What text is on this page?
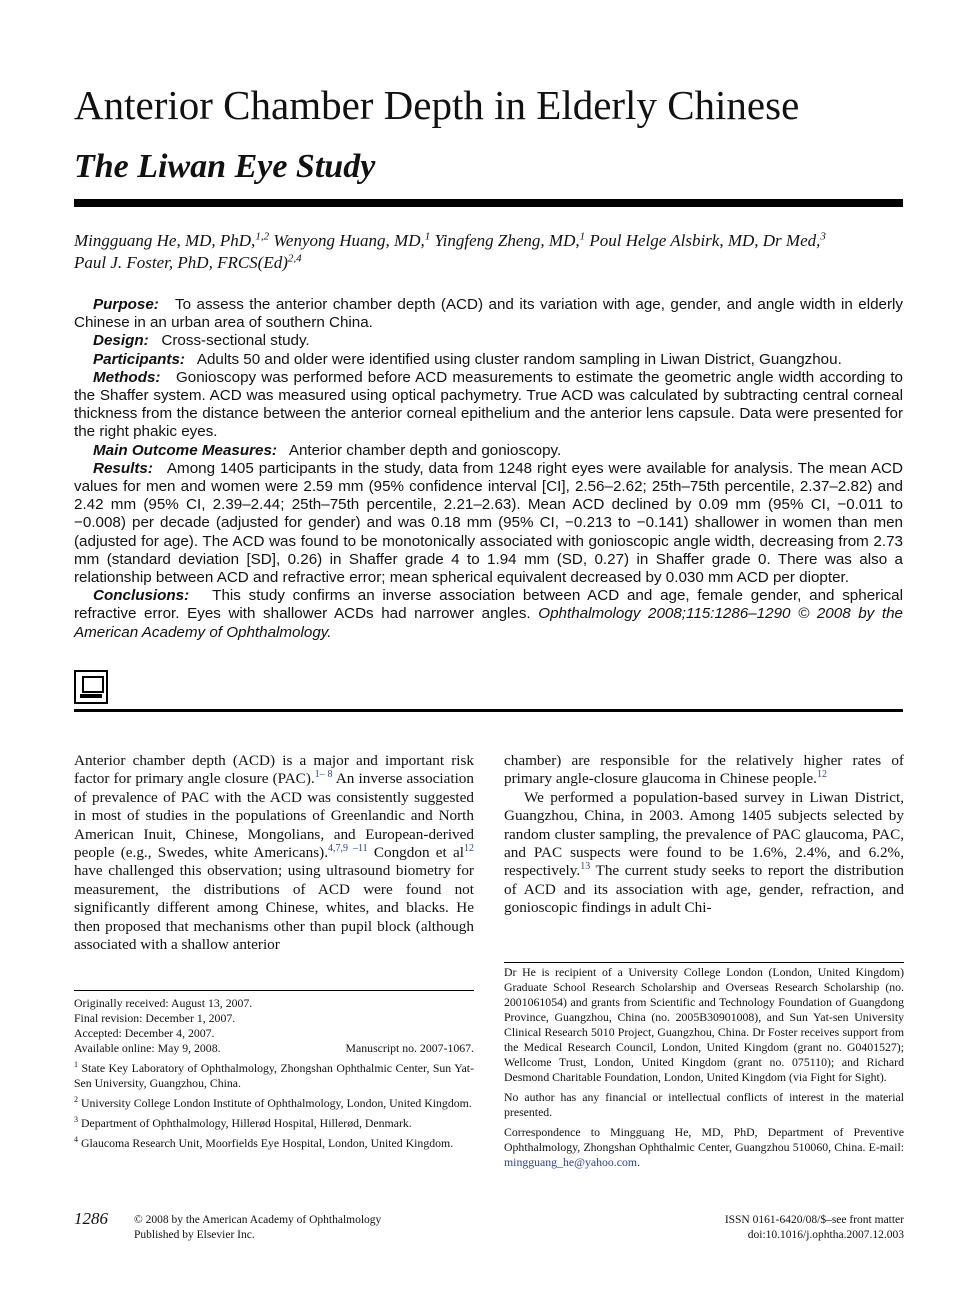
Anterior Chamber Depth in Elderly Chinese
The Liwan Eye Study
Mingguang He, MD, PhD,$^{1,2}$ Wenyong Huang, MD,$^1$ Yingfeng Zheng, MD,$^1$ Poul Helge Alsbirk, MD, Dr Med,$^3$
Paul J. Foster, PhD, $FRCS(Ed)^{2,4}$

Purpose: To assess the anterior chamber depth (ACD) and its variation with age, gender, and angle width in elderly Chinese in an urban area of southern China.

Design: Cross-sectional study.

Participants: Adults 50 and older were identified using cluster random sampling in Liwan District, Guangzhou.

Methods: Gonioscopy was performed before ACD measurements to estimate the geometric angle width according to the Shaffer system. ACD was measured using optical pachymetry. True ACD was calculated by subtracting central corneal thickness from the distance between the anterior corneal epithelium and the anterior lens capsule. Data were presented for the right phakic eyes.

Main Outcome Measures: Anterior chamber depth and gonioscopy.

Results: Among 1405 participants in the study, data from 1248 right eyes were available for analysis. The mean ACD values for men and women were 2.59 mm (95% confidence interval [CI], 2.56–2.62; 25th–75th percentile, 2.37–2.82) and 2.42 mm (95% CI, 2.39–2.44; 25th–75th percentile, 2.21–2.63). Mean ACD declined by 0.09 mm (95% CI, −0.011 to −0.008) per decade (adjusted for gender) and was 0.18 mm (95% CI, −0.213 to −0.141) shallower in women than men (adjusted for age). The ACD was found to be monotonically associated with gonioscopic angle width, decreasing from 2.73 mm (standard deviation [SD], 0.26) in Shaffer grade 4 to 1.94 mm (SD, 0.27) in Shaffer grade 0. There was also a relationship between ACD and refractive error; mean spherical equivalent decreased by 0.030 mm ACD per diopter.

Conclusions: This study confirms an inverse association between ACD and age, female gender, and spherical refractive error. Eyes with shallower ACDs had narrower angles. Ophthalmology 2008;115:1286–1290 © 2008 by the American Academy of Ophthalmology.

Anterior chamber depth (ACD) is a major and important risk factor for primary angle closure (PAC).$^{1- 8}$ An inverse association of prevalence of PAC with the ACD was consistently suggested in most of studies in the populations of Greenlandic and North American Inuit, Chinese, Mongolians, and European-derived people (e.g., Swedes, white Americans).$^{4,7,9 -11}$ Congdon et al$^{12}$ have challenged this observation; using ultrasound biometry for measurement, the distributions of ACD were found not significantly different among Chinese, whites, and blacks. He then proposed that mechanisms other than pupil block (although associated with a shallow anterior

chamber) are responsible for the relatively higher rates of primary angle-closure glaucoma in Chinese people.$^{12}$

We performed a population-based survey in Liwan District, Guangzhou, China, in 2003. Among 1405 subjects selected by random cluster sampling, the prevalence of PAC glaucoma, PAC, and PAC suspects were found to be 1.6%, 2.4%, and 6.2%, respectively.$^{13}$ The current study seeks to report the distribution of ACD and its association with age, gender, refraction, and gonioscopic findings in adult Chi-

Originally received: August 13, 2007.

Final revision: December 1, 2007.

Accepted: December 4, 2007.

Available online: May 9, 2008.	Manuscript no. 2007-1067.

$^1$ State Key Laboratory of Ophthalmology, Zhongshan Ophthalmic Center, Sun Yat-Sen University, Guangzhou, China.

$^2$ University College London Institute of Ophthalmology, London, United Kingdom.

$^3$ Department of Ophthalmology, Hillerød Hospital, Hillerød, Denmark.

$^4$ Glaucoma Research Unit, Moorfields Eye Hospital, London, United Kingdom.

Dr He is recipient of a University College London (London, United Kingdom) Graduate School Research Scholarship and Overseas Research Scholarship (no. 2001061054) and grants from Scientific and Technology Foundation of Guangdong Province, Guangzhou, China (no. 2005B30901008), and Sun Yat-sen University Clinical Research 5010 Project, Guangzhou, China. Dr Foster receives support from the Medical Research Council, London, United Kingdom (grant no. G0401527); Wellcome Trust, London, United Kingdom (grant no. 075110); and Richard Desmond Charitable Foundation, London, United Kingdom (via Fight for Sight).

No author has any financial or intellectual conflicts of interest in the material presented.

Correspondence to Mingguang He, MD, PhD, Department of Preventive Ophthalmology, Zhongshan Ophthalmic Center, Guangzhou 510060, China. E-mail: mingguang_he@yahoo.com.

1286 © 2008 by the American Academy of Ophthalmology
Published by Elsevier Inc.
ISSN 0161-6420/08/$–see front matter
doi:10.1016/j.ophtha.2007.12.003
